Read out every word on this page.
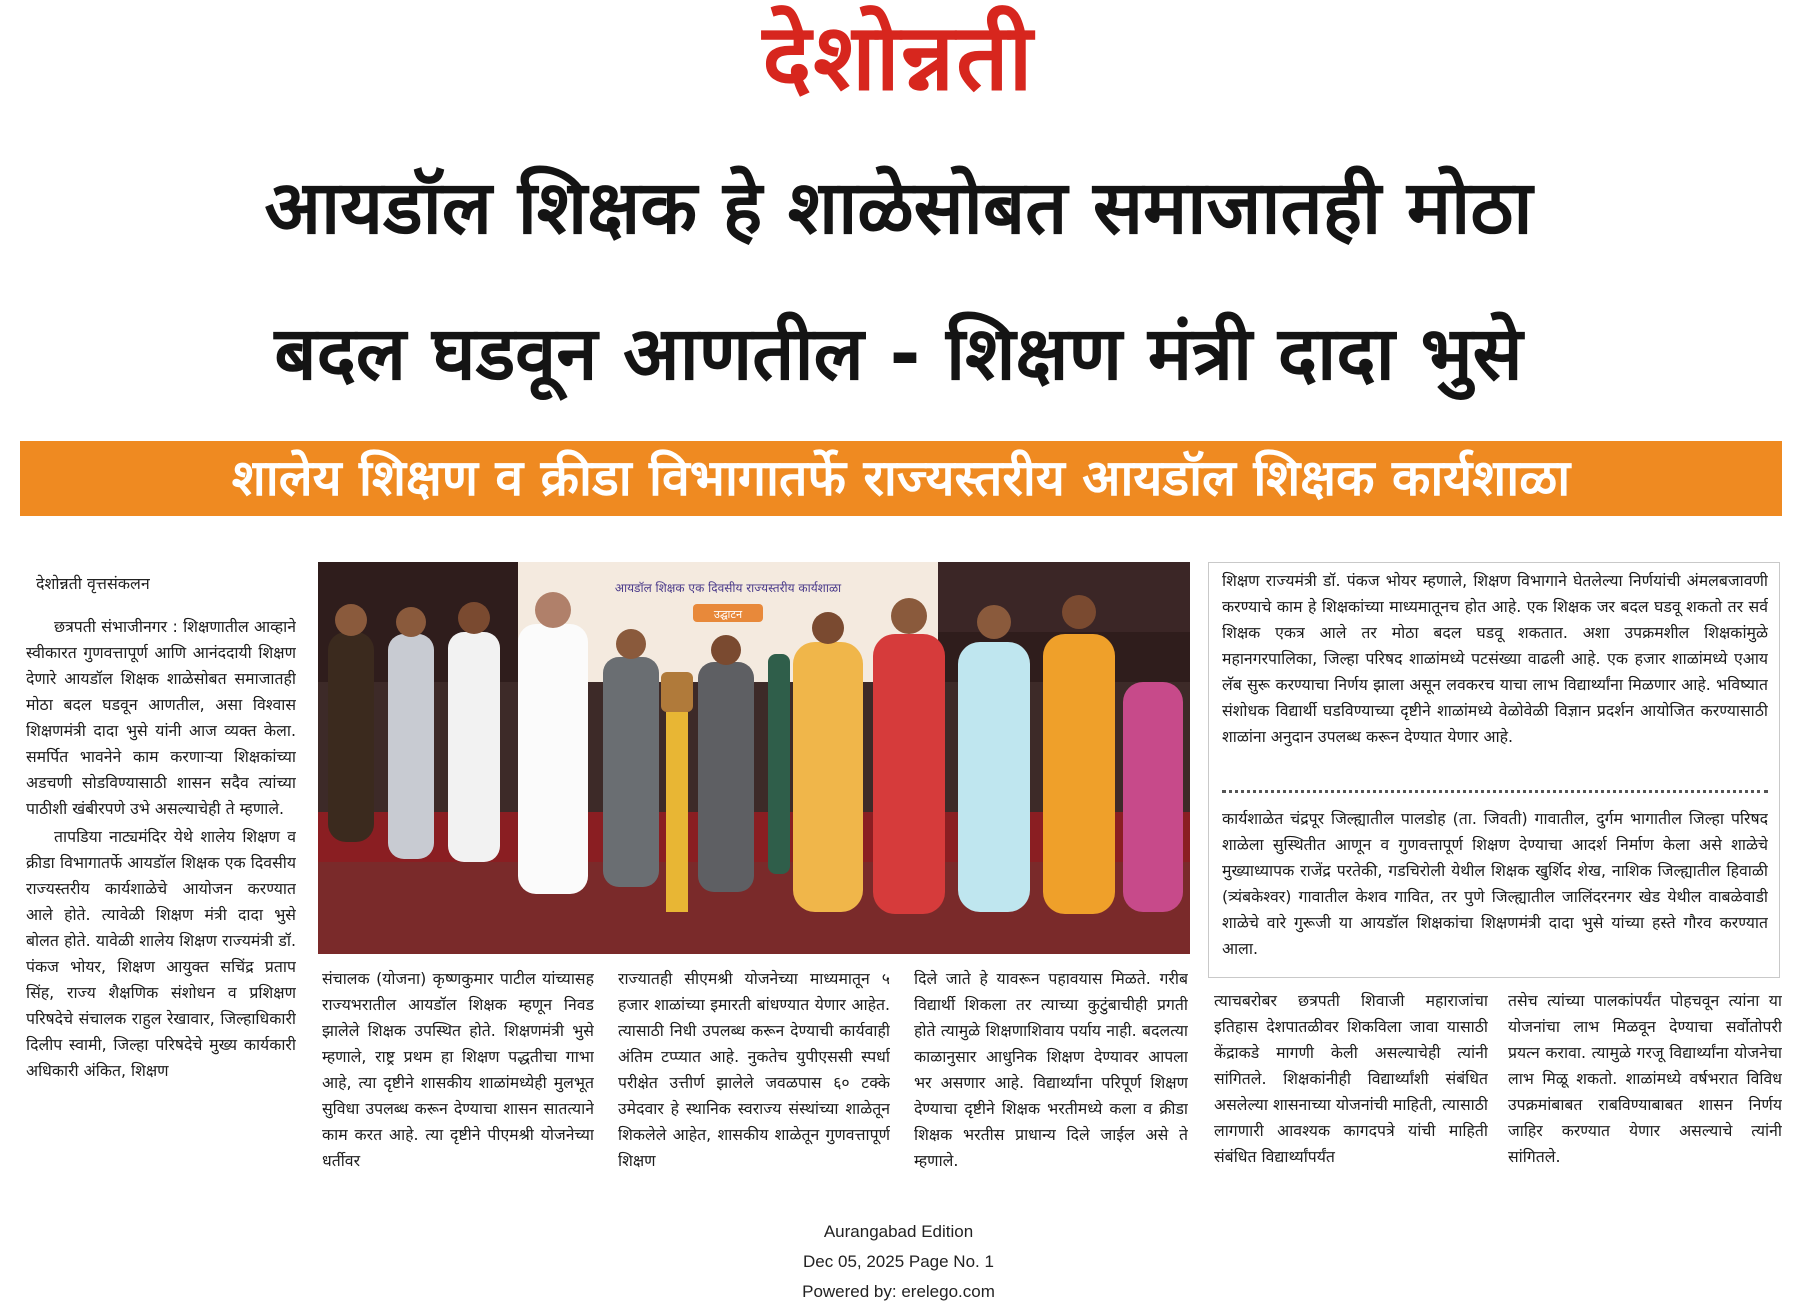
देशोन्नती
आयडॉल शिक्षक हे शाळेसोबत समाजातही मोठा
बदल घडवून आणतील - शिक्षण मंत्री दादा भुसे
शालेय शिक्षण व क्रीडा विभागातर्फे राज्यस्तरीय आयडॉल शिक्षक कार्यशाळा
देशोन्नती वृत्तसंकलन	आयडॉल शिक्षक एक दिवसीय राज्यस्तरीय कार्यशाळा
उद्घाटन

छत्रपती संभाजीनगर : शिक्षणातील आव्हाने स्वीकारत गुणवत्तापूर्ण आणि आनंददायी शिक्षण देणारे आयडॉल शिक्षक शाळेसोबत समाजातही मोठा बदल घडवून आणतील, असा विश्वास शिक्षणमंत्री दादा भुसे यांनी आज व्यक्त केला. समर्पित भावनेने काम करणाऱ्या शिक्षकांच्या अडचणी सोडविण्यासाठी शासन सदैव त्यांच्या पाठीशी खंबीरपणे उभे असल्याचेही ते म्हणाले.

तापडिया नाट्यमंदिर येथे शालेय शिक्षण व क्रीडा विभागातर्फे आयडॉल शिक्षक एक दिवसीय राज्यस्तरीय कार्यशाळेचे आयोजन करण्यात आले होते. त्यावेळी शिक्षण मंत्री दादा भुसे बोलत होते. यावेळी शालेय शिक्षण राज्यमंत्री डॉ. पंकज भोयर, शिक्षण आयुक्त सचिंद्र प्रताप सिंह, राज्य शैक्षणिक संशोधन व प्रशिक्षण परिषदेचे संचालक राहुल रेखावार, जिल्हाधिकारी दिलीप स्वामी, जिल्हा परिषदेचे मुख्य कार्यकारी अधिकारी अंकित, शिक्षण

संचालक (योजना) कृष्णकुमार पाटील यांच्यासह राज्यभरातील आयडॉल शिक्षक म्हणून निवड झालेले शिक्षक उपस्थित होते. शिक्षणमंत्री भुसे म्हणाले, राष्ट्र प्रथम हा शिक्षण पद्धतीचा गाभा आहे, त्या दृष्टीने शासकीय शाळांमध्येही मुलभूत सुविधा उपलब्ध करून देण्याचा शासन सातत्याने काम करत आहे. त्या दृष्टीने पीएमश्री योजनेच्या धर्तीवर

राज्यातही सीएमश्री योजनेच्या माध्यमातून ५ हजार शाळांच्या इमारती बांधण्यात येणार आहेत. त्यासाठी निधी उपलब्ध करून देण्याची कार्यवाही अंतिम टप्प्यात आहे. नुकतेच युपीएससी स्पर्धा परीक्षेत उत्तीर्ण झालेले जवळपास ६० टक्के उमेदवार हे स्थानिक स्वराज्य संस्थांच्या शाळेतून शिकलेले आहेत, शासकीय शाळेतून गुणवत्तापूर्ण शिक्षण

दिले जाते हे यावरून पहावयास मिळते. गरीब विद्यार्थी शिकला तर त्याच्या कुटुंबाचीही प्रगती होते त्यामुळे शिक्षणाशिवाय पर्याय नाही. बदलत्या काळानुसार आधुनिक शिक्षण देण्यावर आपला भर असणार आहे. विद्यार्थ्यांना परिपूर्ण शिक्षण देण्याचा दृष्टीने शिक्षक भरतीमध्ये कला व क्रीडा शिक्षक भरतीस प्राधान्य दिले जाईल असे ते म्हणाले.

शिक्षण राज्यमंत्री डॉ. पंकज भोयर म्हणाले, शिक्षण विभागाने घेतलेल्या निर्णयांची अंमलबजावणी करण्याचे काम हे शिक्षकांच्या माध्यमातूनच होत आहे. एक शिक्षक जर बदल घडवू शकतो तर सर्व शिक्षक एकत्र आले तर मोठा बदल घडवू शकतात. अशा उपक्रमशील शिक्षकांमुळे महानगरपालिका, जिल्हा परिषद शाळांमध्ये पटसंख्या वाढली आहे. एक हजार शाळांमध्ये एआय लॅब सुरू करण्याचा निर्णय झाला असून लवकरच याचा लाभ विद्यार्थ्यांना मिळणार आहे. भविष्यात संशोधक विद्यार्थी घडविण्याच्या दृष्टीने शाळांमध्ये वेळोवेळी विज्ञान प्रदर्शन आयोजित करण्यासाठी शाळांना अनुदान उपलब्ध करून देण्यात येणार आहे.
कार्यशाळेत चंद्रपूर जिल्ह्यातील पालडोह (ता. जिवती) गावातील, दुर्गम भागातील जिल्हा परिषद शाळेला सुस्थितीत आणून व गुणवत्तापूर्ण शिक्षण देण्याचा आदर्श निर्माण केला असे शाळेचे मुख्याध्यापक राजेंद्र परतेकी, गडचिरोली येथील शिक्षक खुर्शिद शेख, नाशिक जिल्ह्यातील हिवाळी (त्र्यंबकेश्वर) गावातील केशव गावित, तर पुणे जिल्ह्यातील जालिंदरनगर खेड येथील वाबळेवाडी शाळेचे वारे गुरूजी या आयडॉल शिक्षकांचा शिक्षणमंत्री दादा भुसे यांच्या हस्ते गौरव करण्यात आला.

त्याचबरोबर छत्रपती शिवाजी महाराजांचा इतिहास देशपातळीवर शिकविला जावा यासाठी केंद्राकडे मागणी केली असल्याचेही त्यांनी सांगितले. शिक्षकांनीही विद्यार्थ्यांशी संबंधित असलेल्या शासनाच्या योजनांची माहिती, त्यासाठी लागणारी आवश्यक कागदपत्रे यांची माहिती संबंधित विद्यार्थ्यांपर्यंत

तसेच त्यांच्या पालकांपर्यंत पोहचवून त्यांना या योजनांचा लाभ मिळवून देण्याचा सर्वोतोपरी प्रयत्न करावा. त्यामुळे गरजू विद्यार्थ्यांना योजनेचा लाभ मिळू शकतो. शाळांमध्ये वर्षभरात विविध उपक्रमांबाबत राबविण्याबाबत शासन निर्णय जाहिर करण्यात येणार असल्याचे त्यांनी सांगितले.

Aurangabad Edition
Dec 05, 2025 Page No. 1
Powered by: erelego.com
